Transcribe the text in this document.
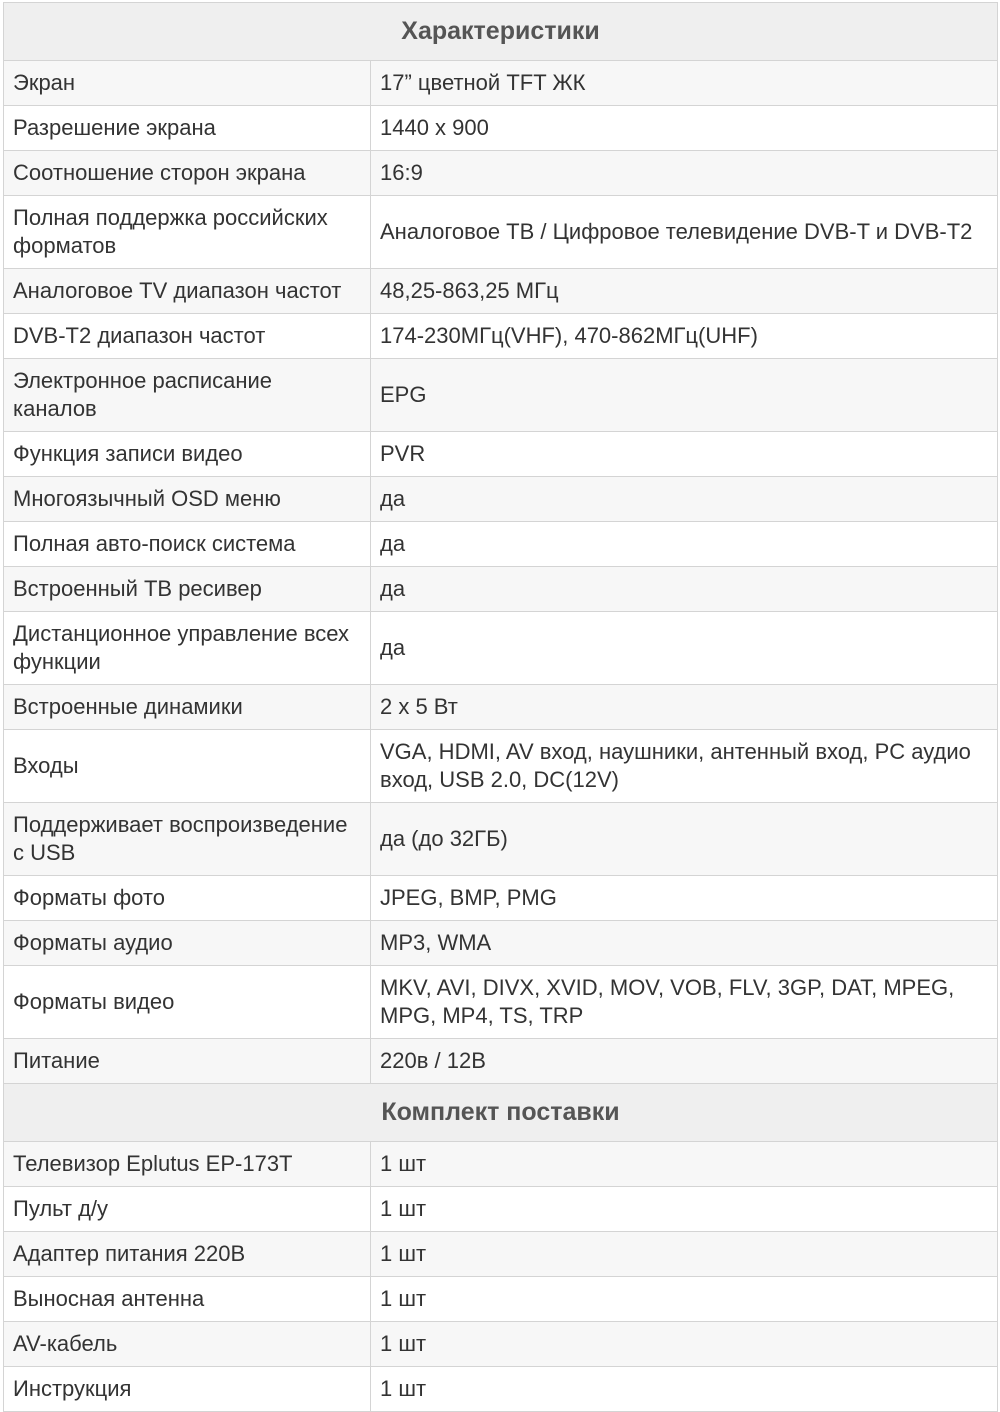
Характеристики	
Экран	17” цветной TFT ЖК
Разрешение экрана	1440 x 900
Соотношение сторон экрана	16:9
Полная поддержка российских форматов	Аналоговое ТВ / Цифровое телевидение DVB-T и DVB-T2
Аналоговое TV диапазон частот	48,25-863,25 МГц
DVB-T2 диапазон частот	174-230МГц(VHF), 470-862МГц(UHF)
Электронное расписание каналов	EPG
Функция записи видео	PVR
Многоязычный OSD меню	да
Полная авто-поиск система	да
Встроенный ТВ ресивер	да
Дистанционное управление всех функции	да
Встроенные динамики	2 x 5 Вт
Входы	VGA, HDMI, AV вход, наушники, антенный вход, PC аудио вход, USB 2.0, DC(12V)
Поддерживает воспроизведение с USB	да (до 32ГБ)
Форматы фото	JPEG, BMP, PMG
Форматы аудио	MP3, WMA
Форматы видео	MKV, AVI, DIVX, XVID, MOV, VOB, FLV, 3GP, DAT, MPEG, MPG, MP4, TS, TRP
Питание	220в / 12В
Комплект поставки	
Телевизор Eplutus EP-173T	1 шт
Пульт д/у	1 шт
Адаптер питания 220В	1 шт
Выносная антенна	1 шт
AV-кабель	1 шт
Инструкция	1 шт
